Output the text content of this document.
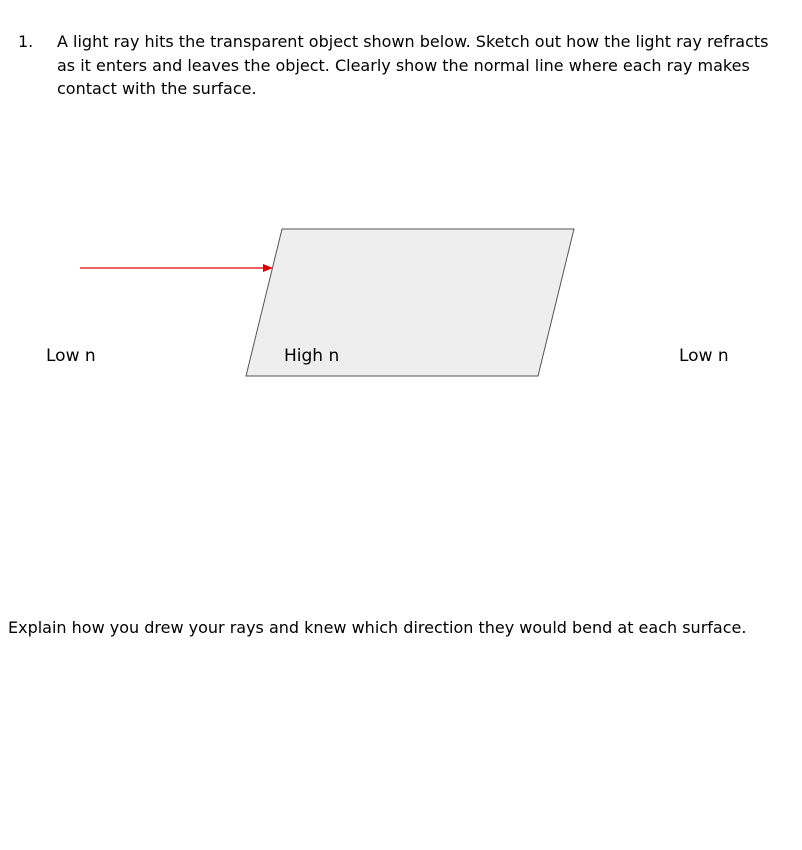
1. A light ray hits the transparent object shown below. Sketch out how the light ray refracts as it enters and leaves the object. Clearly show the normal line where each ray makes contact with the surface.
Low n	High n	Low n
Explain how you drew your rays and knew which direction they would bend at each surface.
